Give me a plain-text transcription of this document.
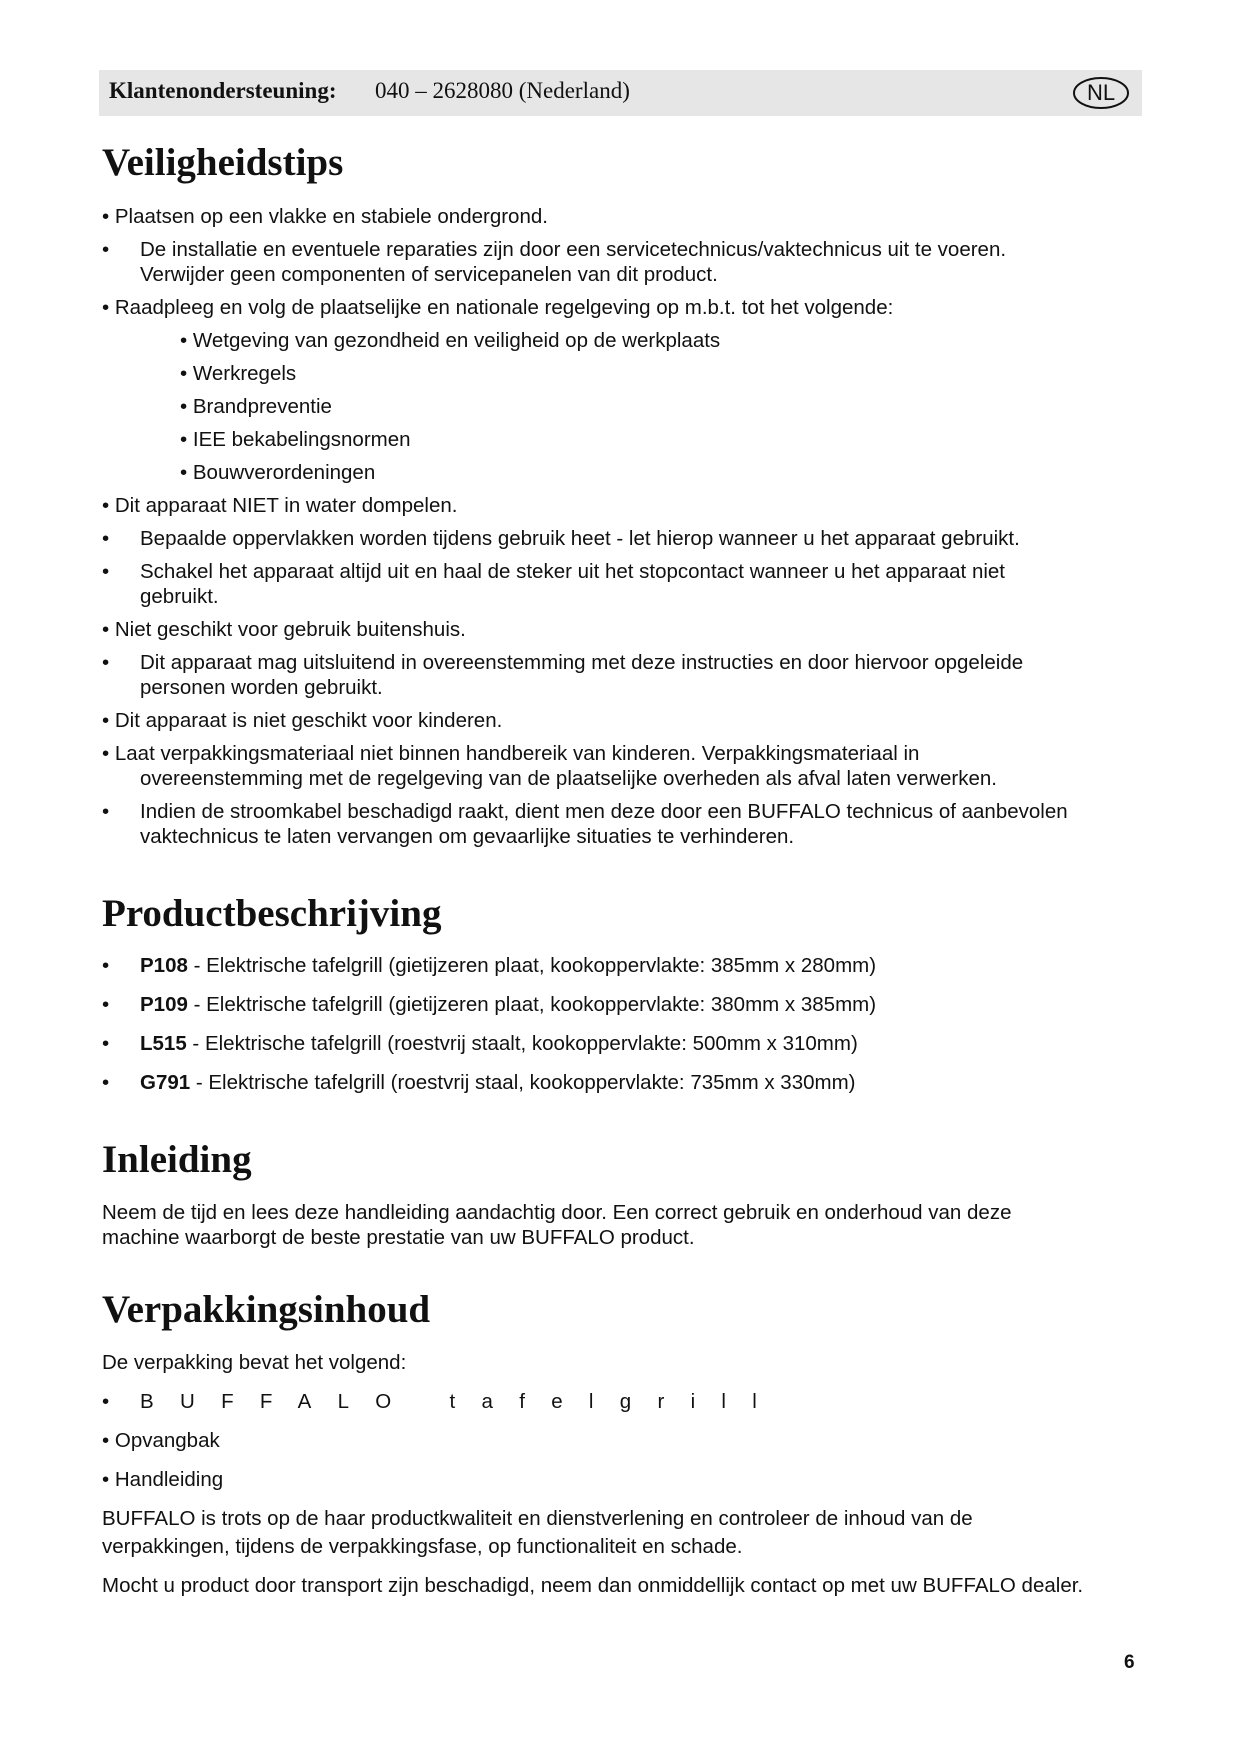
Klantenondersteuning: 040 – 2628080 (Nederland)	NL
Veiligheidstips
• Plaatsen op een vlakke en stabiele ondergrond.
• De installatie en eventuele reparaties zijn door een servicetechnicus/vaktechnicus uit te voeren.
Verwijder geen componenten of servicepanelen van dit product.
• Raadpleeg en volg de plaatselijke en nationale regelgeving op m.b.t. tot het volgende:
• Wetgeving van gezondheid en veiligheid op de werkplaats
• Werkregels
• Brandpreventie
• IEE bekabelingsnormen
• Bouwverordeningen
• Dit apparaat NIET in water dompelen.
• Bepaalde oppervlakken worden tijdens gebruik heet - let hierop wanneer u het apparaat gebruikt.
• Schakel het apparaat altijd uit en haal de steker uit het stopcontact wanneer u het apparaat niet
gebruikt.
• Niet geschikt voor gebruik buitenshuis.
• Dit apparaat mag uitsluitend in overeenstemming met deze instructies en door hiervoor opgeleide
personen worden gebruikt.
• Dit apparaat is niet geschikt voor kinderen.
• Laat verpakkingsmateriaal niet binnen handbereik van kinderen. Verpakkingsmateriaal in
overeenstemming met de regelgeving van de plaatselijke overheden als afval laten verwerken.
• Indien de stroomkabel beschadigd raakt, dient men deze door een BUFFALO technicus of aanbevolen
vaktechnicus te laten vervangen om gevaarlijke situaties te verhinderen.
Productbeschrijving
• P108 - Elektrische tafelgrill (gietijzeren plaat, kookoppervlakte: 385mm x 280mm)
• P109 - Elektrische tafelgrill (gietijzeren plaat, kookoppervlakte: 380mm x 385mm)
• L515 - Elektrische tafelgrill (roestvrij staalt, kookoppervlakte: 500mm x 310mm)
• G791 - Elektrische tafelgrill (roestvrij staal, kookoppervlakte: 735mm x 330mm)
Inleiding
Neem de tijd en lees deze handleiding aandachtig door. Een correct gebruik en onderhoud van deze
machine waarborgt de beste prestatie van uw BUFFALO product.
Verpakkingsinhoud
De verpakking bevat het volgend:
• BUFFALO tafelgrill
• Opvangbak
• Handleiding
BUFFALO is trots op de haar productkwaliteit en dienstverlening en controleer de inhoud van de
verpakkingen, tijdens de verpakkingsfase, op functionaliteit en schade.
Mocht u product door transport zijn beschadigd, neem dan onmiddellijk contact op met uw BUFFALO dealer.
6
